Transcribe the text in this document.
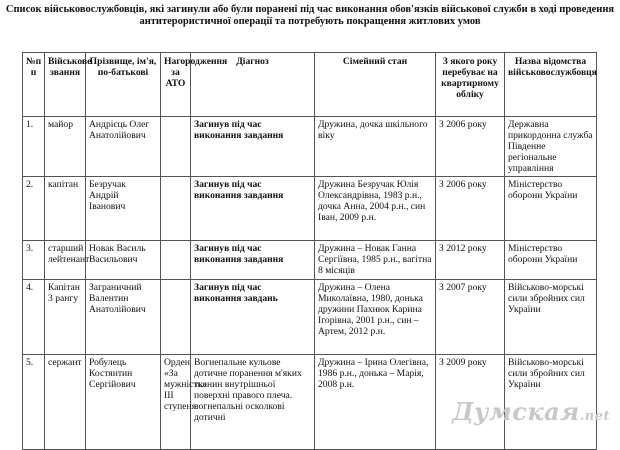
Список військовослужбовців, які загинули або були поранені під час виконання обов'язків військової служби в ході проведення
антитерористичної операції та потребують покращення житлових умов
№п п	Військове звання	Прізвище, ім'я, по-батькові	Нагородження за АТО	Діагноз	Сімейний стан	З якого року перебуває на квартирному обліку	Назва відомства військовослужбовця
1.	майор	Андрієць Олег Анатолійович		Загинув під час виконання завдання	Дружина, дочка шкільного віку	З 2006 року	Державна прикордонна служба Південне регіональне управління
2.	капітан	Безручак Андрій Іванович		Загинув під час виконання завдання	Дружина Безручак Юлія Олександрівна, 1983 р.н., дочка Анна, 2004 р.н., син Іван, 2009 р.н.	З 2006 року	Міністерство оборони України
3.	старший лейтенант	Новак Василь Васильович		Загинув під час виконання завдання	Дружина – Новак Ганна Сергіївна, 1985 р.н., вагітна 8 місяців	З 2012 року	Міністерство оборони України
4.	Капітан 3 рангу	Заграничний Валентин Анатолійович		Загинув під час виконання завдань	Дружина – Олена Миколаївна, 1980, донька дружини Пахнюк Карина Ігорівна, 2001 р.н., син – Артем, 2012 р.н.	З 2007 року	Військово-морські сили збройних сил України
5.	сержант	Робулець Костянтин Сергійович	Орден «За мужність» III ступеня	Вогнепальне кульове дотичне поранення м'яких тканин внутрішньої поверхні правого плеча. вогнепальні осколкові дотичні	Дружина – Ірина Олегівна, 1986 р.н., донька – Марія, 2008 р.н.	З 2009 року	Військово-морські сили збройних сил України
Думская.net
